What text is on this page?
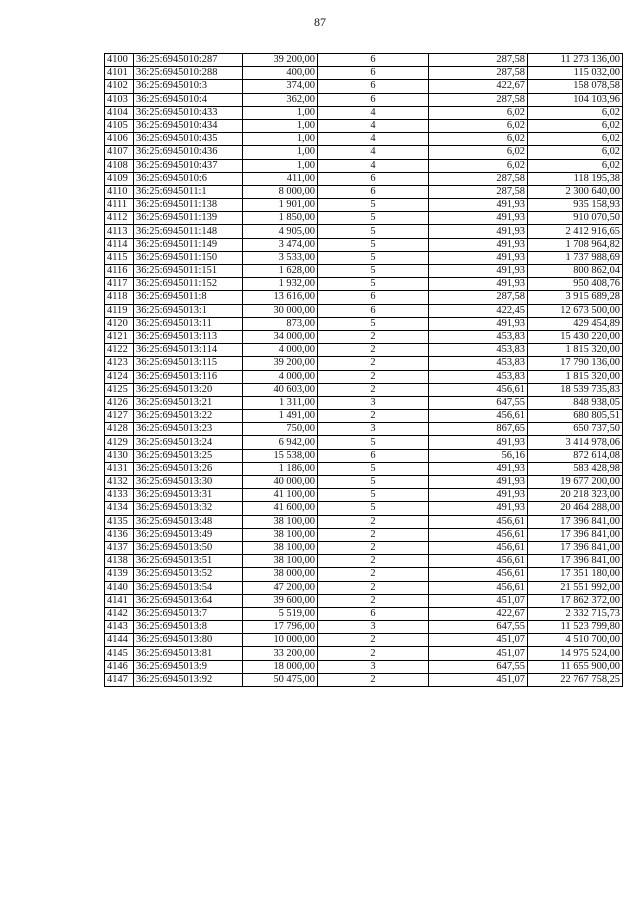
87
4100	36:25:6945010:287	39 200,00	6	287,58	11 273 136,00
4101	36:25:6945010:288	400,00	6	287,58	115 032,00
4102	36:25:6945010:3	374,00	6	422,67	158 078,58
4103	36:25:6945010:4	362,00	6	287,58	104 103,96
4104	36:25:6945010:433	1,00	4	6,02	6,02
4105	36:25:6945010:434	1,00	4	6,02	6,02
4106	36:25:6945010:435	1,00	4	6,02	6,02
4107	36:25:6945010:436	1,00	4	6,02	6,02
4108	36:25:6945010:437	1,00	4	6,02	6,02
4109	36:25:6945010:6	411,00	6	287,58	118 195,38
4110	36:25:6945011:1	8 000,00	6	287,58	2 300 640,00
4111	36:25:6945011:138	1 901,00	5	491,93	935 158,93
4112	36:25:6945011:139	1 850,00	5	491,93	910 070,50
4113	36:25:6945011:148	4 905,00	5	491,93	2 412 916,65
4114	36:25:6945011:149	3 474,00	5	491,93	1 708 964,82
4115	36:25:6945011:150	3 533,00	5	491,93	1 737 988,69
4116	36:25:6945011:151	1 628,00	5	491,93	800 862,04
4117	36:25:6945011:152	1 932,00	5	491,93	950 408,76
4118	36:25:6945011:8	13 616,00	6	287,58	3 915 689,28
4119	36:25:6945013:1	30 000,00	6	422,45	12 673 500,00
4120	36:25:6945013:11	873,00	5	491,93	429 454,89
4121	36:25:6945013:113	34 000,00	2	453,83	15 430 220,00
4122	36:25:6945013:114	4 000,00	2	453,83	1 815 320,00
4123	36:25:6945013:115	39 200,00	2	453,83	17 790 136,00
4124	36:25:6945013:116	4 000,00	2	453,83	1 815 320,00
4125	36:25:6945013:20	40 603,00	2	456,61	18 539 735,83
4126	36:25:6945013:21	1 311,00	3	647,55	848 938,05
4127	36:25:6945013:22	1 491,00	2	456,61	680 805,51
4128	36:25:6945013:23	750,00	3	867,65	650 737,50
4129	36:25:6945013:24	6 942,00	5	491,93	3 414 978,06
4130	36:25:6945013:25	15 538,00	6	56,16	872 614,08
4131	36:25:6945013:26	1 186,00	5	491,93	583 428,98
4132	36:25:6945013:30	40 000,00	5	491,93	19 677 200,00
4133	36:25:6945013:31	41 100,00	5	491,93	20 218 323,00
4134	36:25:6945013:32	41 600,00	5	491,93	20 464 288,00
4135	36:25:6945013:48	38 100,00	2	456,61	17 396 841,00
4136	36:25:6945013:49	38 100,00	2	456,61	17 396 841,00
4137	36:25:6945013:50	38 100,00	2	456,61	17 396 841,00
4138	36:25:6945013:51	38 100,00	2	456,61	17 396 841,00
4139	36:25:6945013:52	38 000,00	2	456,61	17 351 180,00
4140	36:25:6945013:54	47 200,00	2	456,61	21 551 992,00
4141	36:25:6945013:64	39 600,00	2	451,07	17 862 372,00
4142	36:25:6945013:7	5 519,00	6	422,67	2 332 715,73
4143	36:25:6945013:8	17 796,00	3	647,55	11 523 799,80
4144	36:25:6945013:80	10 000,00	2	451,07	4 510 700,00
4145	36:25:6945013:81	33 200,00	2	451,07	14 975 524,00
4146	36:25:6945013:9	18 000,00	3	647,55	11 655 900,00
4147	36:25:6945013:92	50 475,00	2	451,07	22 767 758,25
